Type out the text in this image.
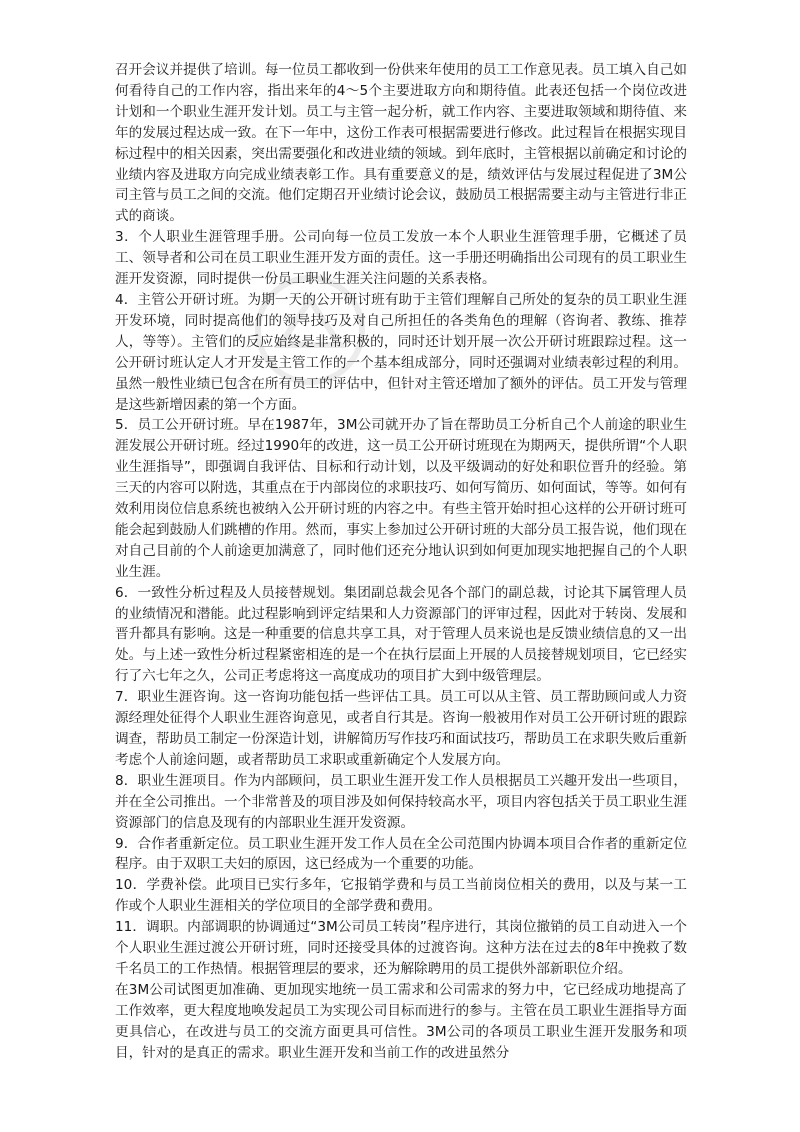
召开会议并提供了培训。每一位员工都收到一份供来年使用的员工工作意见表。员工填入自己如何看待自己的工作内容，指出来年的4～5个主要进取方向和期待值。此表还包括一个岗位改进计划和一个职业生涯开发计划。员工与主管一起分析，就工作内容、主要进取领域和期待值、来年的发展过程达成一致。在下一年中，这份工作表可根据需要进行修改。此过程旨在根据实现目标过程中的相关因素，突出需要强化和改进业绩的领域。到年底时，主管根据以前确定和讨论的业绩内容及进取方向完成业绩表彰工作。具有重要意义的是，绩效评估与发展过程促进了3M公司主管与员工之间的交流。他们定期召开业绩讨论会议，鼓励员工根据需要主动与主管进行非正式的商谈。

3．个人职业生涯管理手册。公司向每一位员工发放一本个人职业生涯管理手册，它概述了员工、领导者和公司在员工职业生涯开发方面的责任。这一手册还明确指出公司现有的员工职业生涯开发资源，同时提供一份员工职业生涯关注问题的关系表格。

4．主管公开研讨班。为期一天的公开研讨班有助于主管们理解自己所处的复杂的员工职业生涯开发环境，同时提高他们的领导技巧及对自己所担任的各类角色的理解（咨询者、教练、推荐人，等等）。主管们的反应始终是非常积极的，同时还计划开展一次公开研讨班跟踪过程。这一公开研讨班认定人才开发是主管工作的一个基本组成部分，同时还强调对业绩表彰过程的利用。虽然一般性业绩已包含在所有员工的评估中，但针对主管还增加了额外的评估。员工开发与管理是这些新增因素的第一个方面。

5．员工公开研讨班。早在1987年，3M公司就开办了旨在帮助员工分析自己个人前途的职业生涯发展公开研讨班。经过1990年的改进，这一员工公开研讨班现在为期两天，提供所谓“个人职业生涯指导”，即强调自我评估、目标和行动计划，以及平级调动的好处和职位晋升的经验。第三天的内容可以附选，其重点在于内部岗位的求职技巧、如何写简历、如何面试，等等。如何有效利用岗位信息系统也被纳入公开研讨班的内容之中。有些主管开始时担心这样的公开研讨班可能会起到鼓励人们跳槽的作用。然而，事实上参加过公开研讨班的大部分员工报告说，他们现在对自己目前的个人前途更加满意了，同时他们还充分地认识到如何更加现实地把握自己的个人职业生涯。

6．一致性分析过程及人员接替规划。集团副总裁会见各个部门的副总裁，讨论其下属管理人员的业绩情况和潜能。此过程影响到评定结果和人力资源部门的评审过程，因此对于转岗、发展和晋升都具有影响。这是一种重要的信息共享工具，对于管理人员来说也是反馈业绩信息的又一出处。与上述一致性分析过程紧密相连的是一个在执行层面上开展的人员接替规划项目，它已经实行了六七年之久，公司正考虑将这一高度成功的项目扩大到中级管理层。

7．职业生涯咨询。这一咨询功能包括一些评估工具。员工可以从主管、员工帮助顾问或人力资源经理处征得个人职业生涯咨询意见，或者自行其是。咨询一般被用作对员工公开研讨班的跟踪调查，帮助员工制定一份深造计划，讲解简历写作技巧和面试技巧，帮助员工在求职失败后重新考虑个人前途问题，或者帮助员工求职或重新确定个人发展方向。

8．职业生涯项目。作为内部顾问，员工职业生涯开发工作人员根据员工兴趣开发出一些项目，并在全公司推出。一个非常普及的项目涉及如何保持较高水平，项目内容包括关于员工职业生涯资源部门的信息及现有的内部职业生涯开发资源。

9．合作者重新定位。员工职业生涯开发工作人员在全公司范围内协调本项目合作者的重新定位程序。由于双职工夫妇的原因，这已经成为一个重要的功能。

10．学费补偿。此项目已实行多年，它报销学费和与员工当前岗位相关的费用，以及与某一工作或个人职业生涯相关的学位项目的全部学费和费用。

11．调职。内部调职的协调通过“3M公司员工转岗”程序进行，其岗位撤销的员工自动进入一个个人职业生涯过渡公开研讨班，同时还接受具体的过渡咨询。这种方法在过去的8年中挽救了数千名员工的工作热情。根据管理层的要求，还为解除聘用的员工提供外部新职位介绍。

在3M公司试图更加准确、更加现实地统一员工需求和公司需求的努力中，它已经成功地提高了工作效率，更大程度地唤发起员工为实现公司目标而进行的参与。主管在员工职业生涯指导方面更具信心，在改进与员工的交流方面更具可信性。3M公司的各项员工职业生涯开发服务和项目，针对的是真正的需求。职业生涯开发和当前工作的改进虽然分
